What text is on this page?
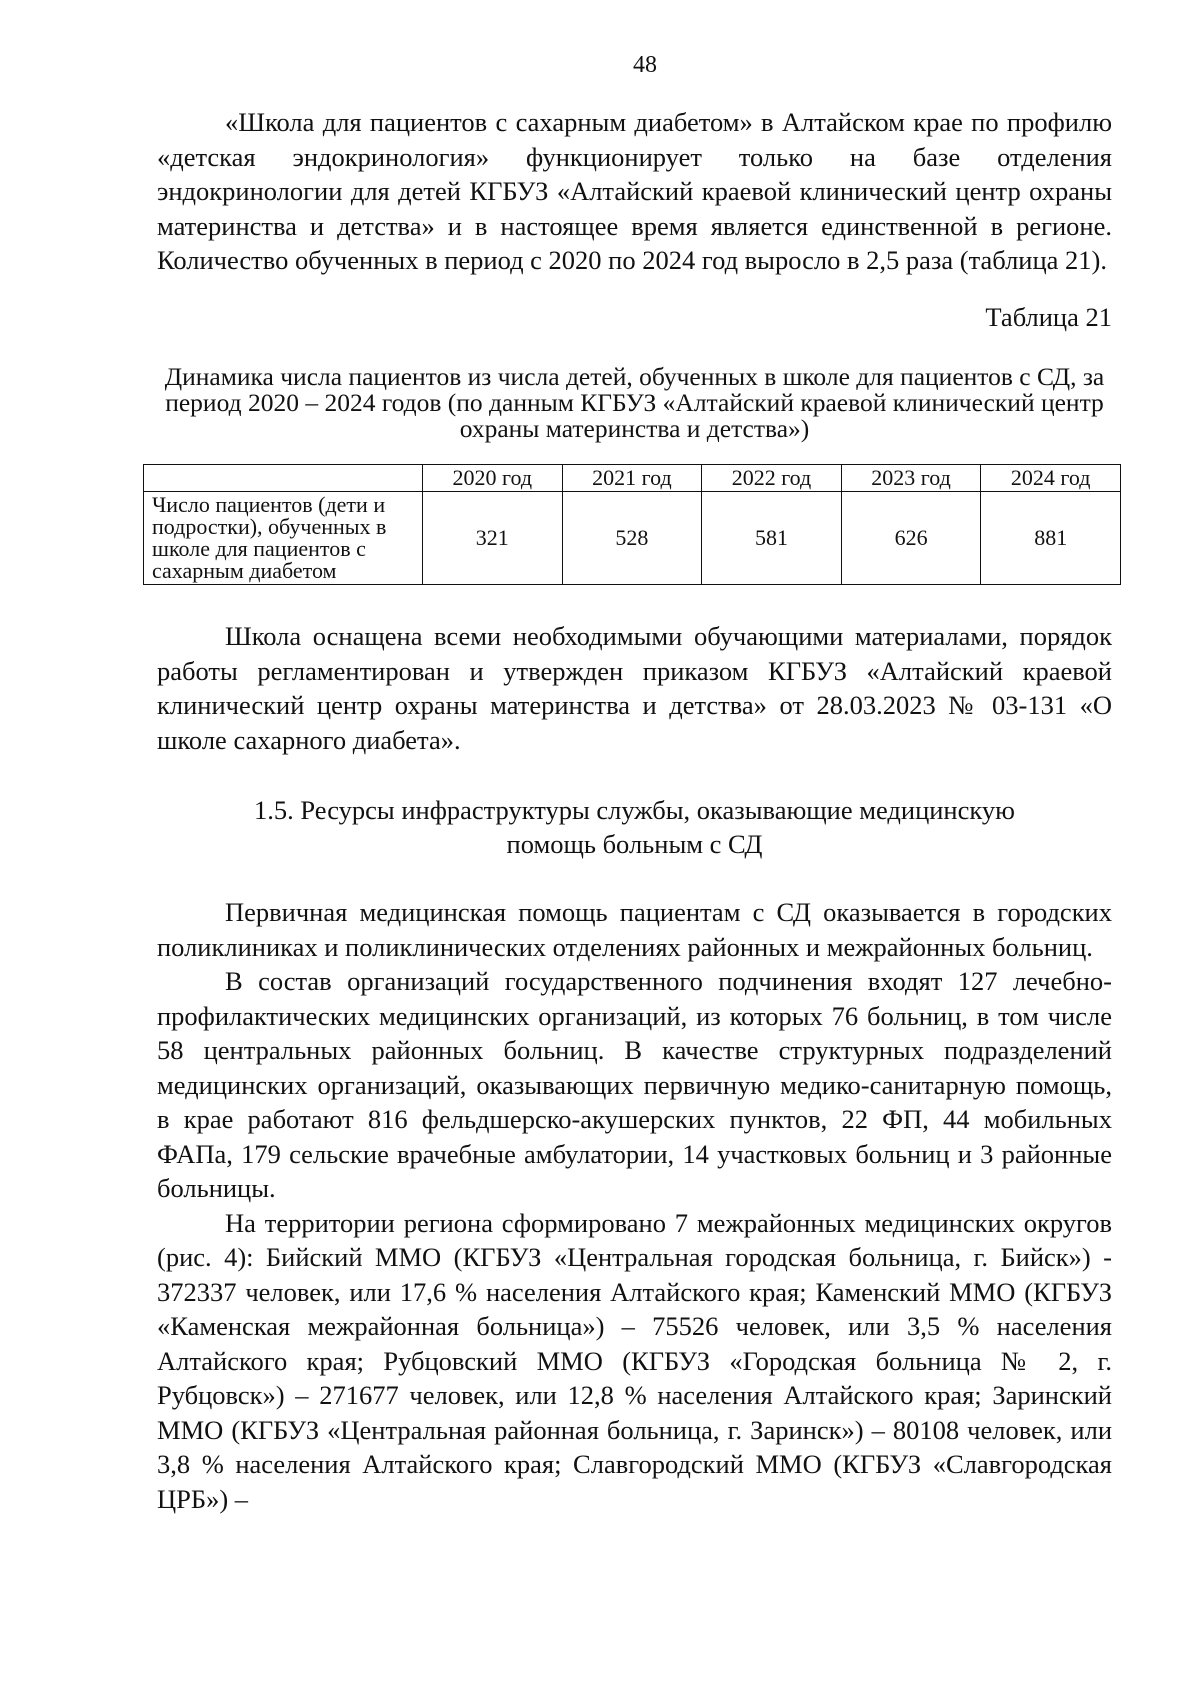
48

«Школа для пациентов с сахарным диабетом» в Алтайском крае по профилю «детская эндокринология» функционирует только на базе отделения эндокринологии для детей КГБУЗ «Алтайский краевой клинический центр охраны материнства и детства» и в настоящее время является единственной в регионе. Количество обученных в период с 2020 по 2024 год выросло в 2,5 раза (таблица 21).

Таблица 21
Динамика числа пациентов из числа детей, обученных в школе для пациентов с СД, за период 2020 – 2024 годов (по данным КГБУЗ «Алтайский краевой клинический центр охраны материнства и детства»)
	2020 год	2021 год	2022 год	2023 год	2024 год
Число пациентов (дети и подростки), обученных в школе для пациентов с сахарным диабетом	321	528	581	626	881

Школа оснащена всеми необходимыми обучающими материалами, порядок работы регламентирован и утвержден приказом КГБУЗ «Алтайский краевой клинический центр охраны материнства и детства» от 28.03.2023 № 03-131 «О школе сахарного диабета».

1.5. Ресурсы инфраструктуры службы, оказывающие медицинскую
помощь больным с СД

Первичная медицинская помощь пациентам с СД оказывается в городских поликлиниках и поликлинических отделениях районных и межрайонных больниц.

В состав организаций государственного подчинения входят 127 лечебно-профилактических медицинских организаций, из которых 76 больниц, в том числе 58 центральных районных больниц. В качестве структурных подразделений медицинских организаций, оказывающих первичную медико-санитарную помощь, в крае работают 816 фельдшерско-акушерских пунктов, 22 ФП, 44 мобильных ФАПа, 179 сельские врачебные амбулатории, 14 участковых больниц и 3 районные больницы.

На территории региона сформировано 7 межрайонных медицинских округов (рис. 4): Бийский ММО (КГБУЗ «Центральная городская больница, г. Бийск») - 372337 человек, или 17,6 % населения Алтайского края; Каменский ММО (КГБУЗ «Каменская межрайонная больница») – 75526 человек, или 3,5 % населения Алтайского края; Рубцовский ММО (КГБУЗ «Городская больница № 2, г. Рубцовск») – 271677 человек, или 12,8 % населения Алтайского края; Заринский ММО (КГБУЗ «Центральная районная больница, г. Заринск») – 80108 человек, или 3,8 % населения Алтайского края; Славгородский ММО (КГБУЗ «Славгородская ЦРБ») –
